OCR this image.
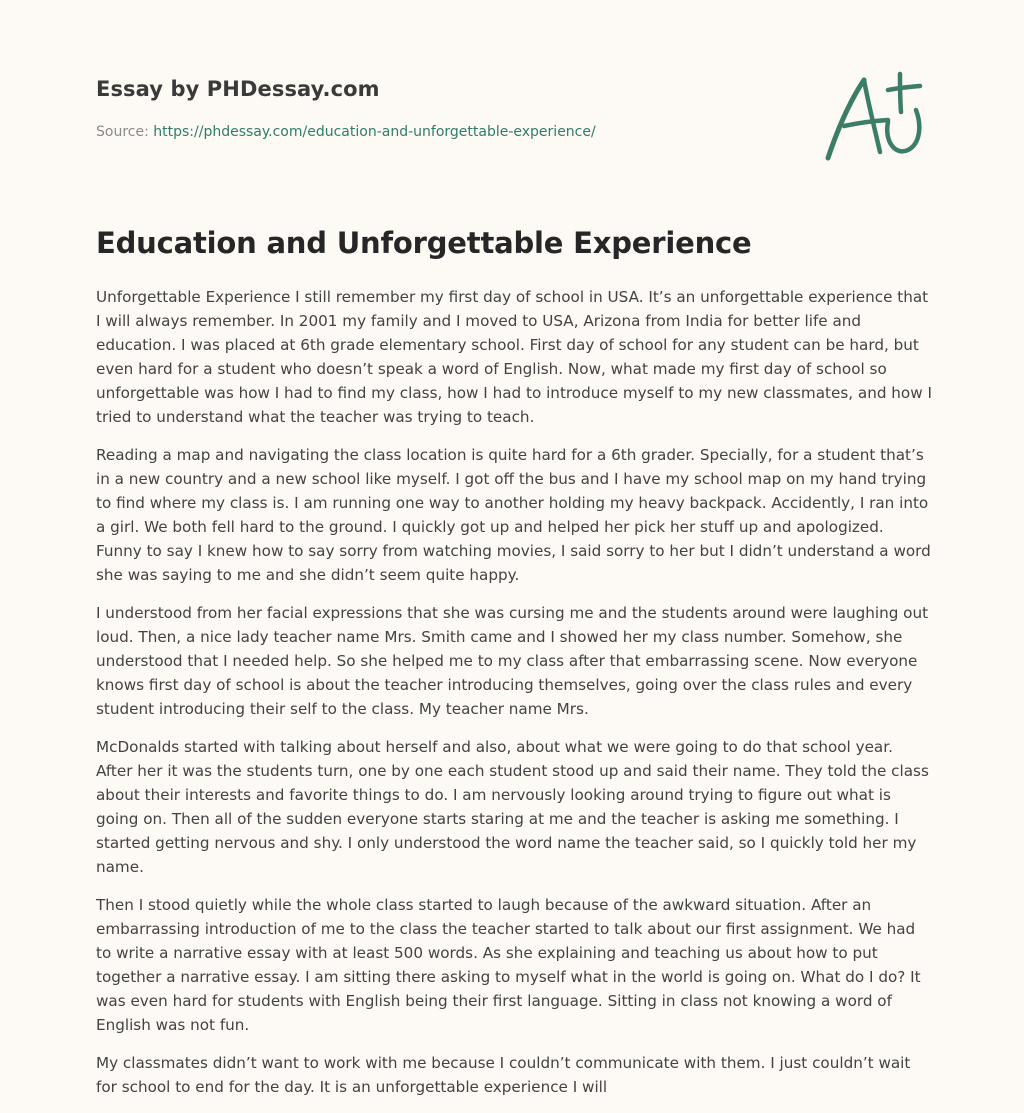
Essay by PHDessay.com
Source: https://phdessay.com/education-and-unforgettable-experience/
Education and Unforgettable Experience

Unforgettable Experience I still remember my first day of school in USA. It’s an unforgettable experience that I will always remember. In 2001 my family and I moved to USA, Arizona from India for better life and education. I was placed at 6th grade elementary school. First day of school for any student can be hard, but even hard for a student who doesn’t speak a word of English. Now, what made my first day of school so unforgettable was how I had to find my class, how I had to introduce myself to my new classmates, and how I tried to understand what the teacher was trying to teach.

Reading a map and navigating the class location is quite hard for a 6th grader. Specially, for a student that’s in a new country and a new school like myself. I got off the bus and I have my school map on my hand trying to find where my class is. I am running one way to another holding my heavy backpack. Accidently, I ran into a girl. We both fell hard to the ground. I quickly got up and helped her pick her stuff up and apologized. Funny to say I knew how to say sorry from watching movies, I said sorry to her but I didn’t understand a word she was saying to me and she didn’t seem quite happy.

I understood from her facial expressions that she was cursing me and the students around were laughing out loud. Then, a nice lady teacher name Mrs. Smith came and I showed her my class number. Somehow, she understood that I needed help. So she helped me to my class after that embarrassing scene. Now everyone knows first day of school is about the teacher introducing themselves, going over the class rules and every student introducing their self to the class. My teacher name Mrs.

McDonalds started with talking about herself and also, about what we were going to do that school year. After her it was the students turn, one by one each student stood up and said their name. They told the class about their interests and favorite things to do. I am nervously looking around trying to figure out what is going on. Then all of the sudden everyone starts staring at me and the teacher is asking me something. I started getting nervous and shy. I only understood the word name the teacher said, so I quickly told her my name.

Then I stood quietly while the whole class started to laugh because of the awkward situation. After an embarrassing introduction of me to the class the teacher started to talk about our first assignment. We had to write a narrative essay with at least 500 words. As she explaining and teaching us about how to put together a narrative essay. I am sitting there asking to myself what in the world is going on. What do I do? It was even hard for students with English being their first language. Sitting in class not knowing a word of English was not fun.

My classmates didn’t want to work with me because I couldn’t communicate with them. I just couldn’t wait for school to end for the day. It is an unforgettable experience I will
